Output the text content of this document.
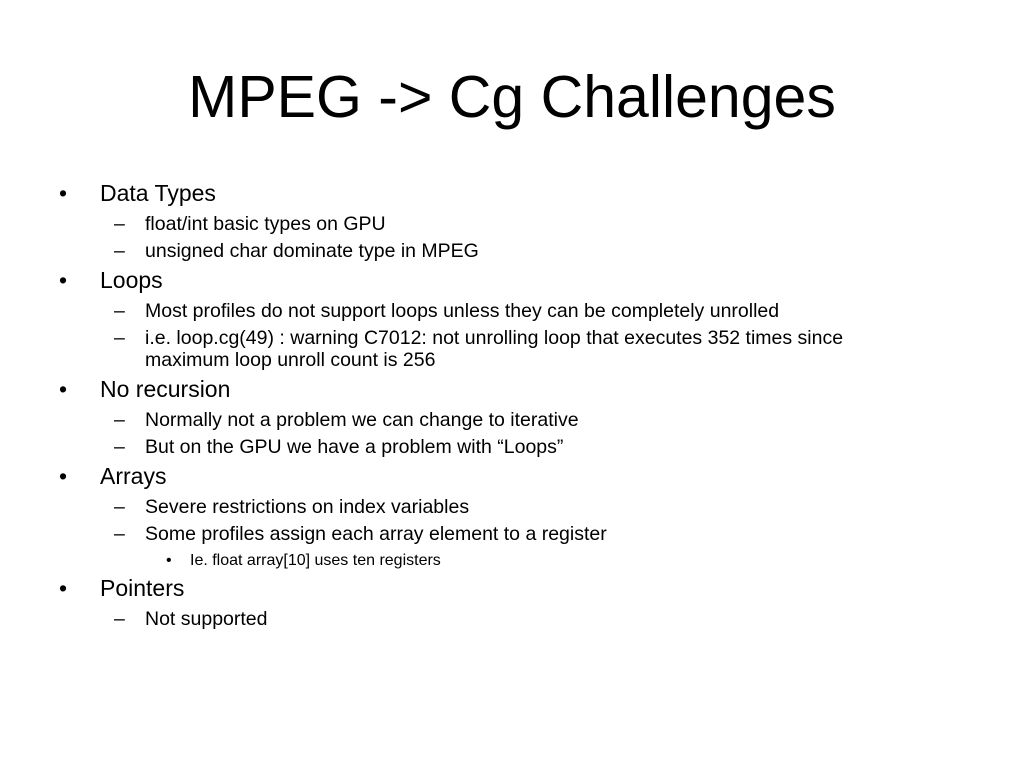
MPEG -> Cg Challenges
• Data Types
– float/int basic types on GPU
– unsigned char dominate type in MPEG
• Loops
– Most profiles do not support loops unless they can be completely unrolled
– i.e. loop.cg(49) : warning C7012: not unrolling loop that executes 352 times since maximum loop unroll count is 256
• No recursion
– Normally not a problem we can change to iterative
– But on the GPU we have a problem with “Loops”
• Arrays
– Severe restrictions on index variables
– Some profiles assign each array element to a register
• Ie. float array[10] uses ten registers
• Pointers
– Not supported
